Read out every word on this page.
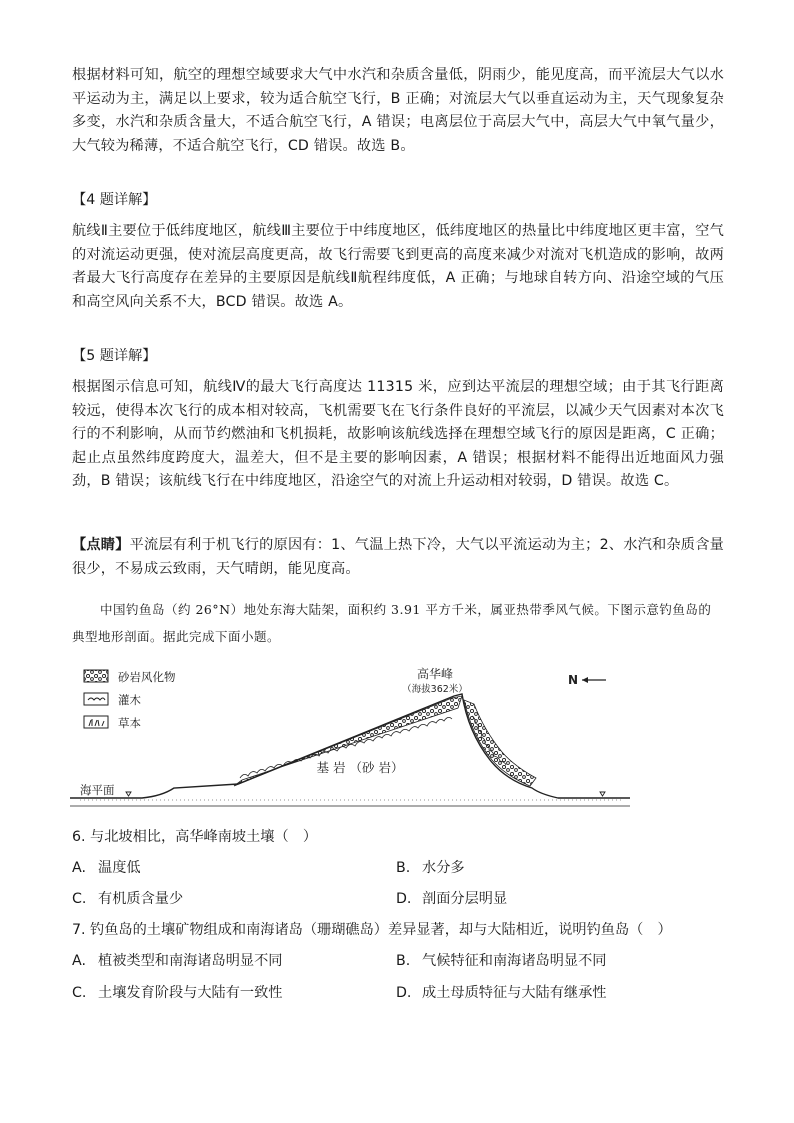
根据材料可知，航空的理想空域要求大气中水汽和杂质含量低，阴雨少，能见度高，而平流层大气以水平运动为主，满足以上要求，较为适合航空飞行，B 正确；对流层大气以垂直运动为主，天气现象复杂多变，水汽和杂质含量大，不适合航空飞行，A 错误；电离层位于高层大气中，高层大气中氧气量少，大气较为稀薄，不适合航空飞行，CD 错误。故选 B。
【4 题详解】
航线Ⅱ主要位于低纬度地区，航线Ⅲ主要位于中纬度地区，低纬度地区的热量比中纬度地区更丰富，空气的对流运动更强，使对流层高度更高，故飞行需要飞到更高的高度来减少对流对飞机造成的影响，故两者最大飞行高度存在差异的主要原因是航线Ⅱ航程纬度低，A 正确；与地球自转方向、沿途空域的气压和高空风向关系不大，BCD 错误。故选 A。
【5 题详解】
根据图示信息可知，航线Ⅳ的最大飞行高度达 11315 米，应到达平流层的理想空域；由于其飞行距离较远，使得本次飞行的成本相对较高，飞机需要飞在飞行条件良好的平流层，以减少天气因素对本次飞行的不利影响，从而节约燃油和飞机损耗，故影响该航线选择在理想空域飞行的原因是距离，C 正确；起止点虽然纬度跨度大，温差大，但不是主要的影响因素，A 错误；根据材料不能得出近地面风力强劲，B 错误；该航线飞行在中纬度地区，沿途空气的对流上升运动相对较弱，D 错误。故选 C。
【点睛】平流层有利于机飞行的原因有：1、气温上热下冷，大气以平流运动为主；2、水汽和杂质含量很少，不易成云致雨，天气晴朗，能见度高。
中国钓鱼岛（约 26°N）地处东海大陆架，面积约 3.91 平方千米，属亚热带季风气候。下图示意钓鱼岛的典型地形剖面。据此完成下面小题。
砂岩风化物
灌木
草本
高华峰
（海拔362米）
N
基 岩 （砂 岩）
海平面
6. 与北坡相比，高华峰南坡土壤（　）
A. 温度低	B. 水分多
C. 有机质含量少	D. 剖面分层明显
7. 钓鱼岛的土壤矿物组成和南海诸岛（珊瑚礁岛）差异显著，却与大陆相近，说明钓鱼岛（　）
A. 植被类型和南海诸岛明显不同	B. 气候特征和南海诸岛明显不同
C. 土壤发育阶段与大陆有一致性	D. 成土母质特征与大陆有继承性
